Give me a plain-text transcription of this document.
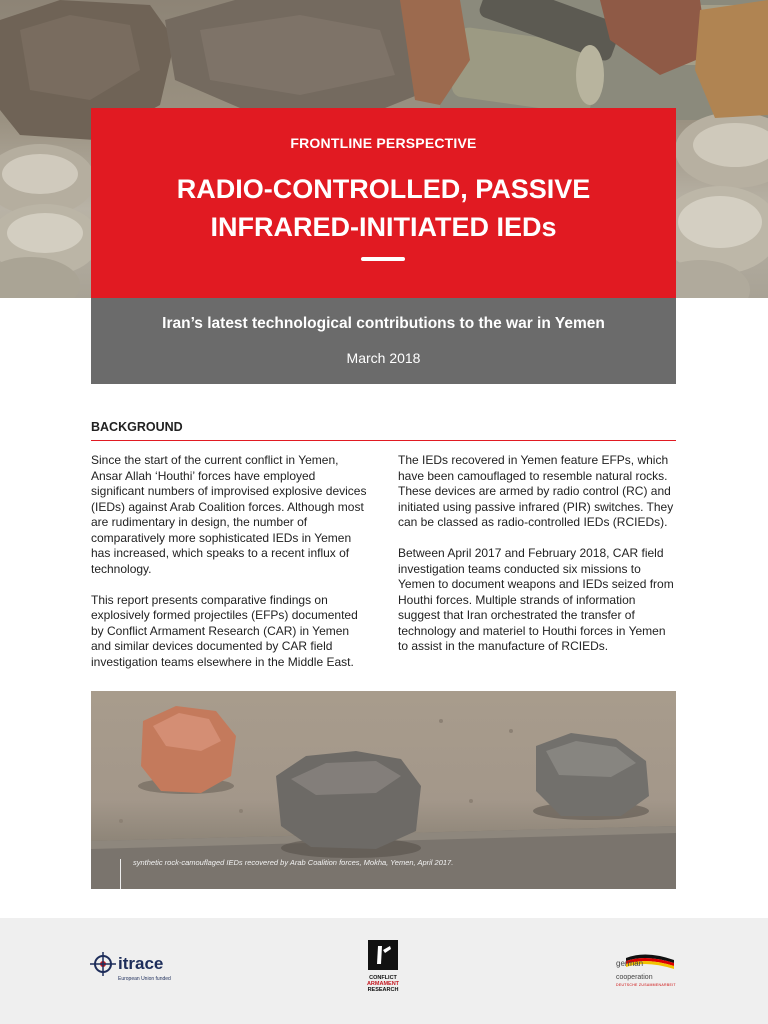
FRONTLINE PERSPECTIVE
RADIO-CONTROLLED, PASSIVE
INFRARED-INITIATED IEDs
Iran’s latest technological contributions to the war in Yemen
March 2018
BACKGROUND

Since the start of the current conflict in Yemen, Ansar Allah ‘Houthi’ forces have employed significant numbers of improvised explosive devices (IEDs) against Arab Coalition forces. Although most are rudimentary in design, the number of comparatively more sophisticated IEDs in Yemen has increased, which speaks to a recent influx of technology.

This report presents comparative findings on explosively formed projectiles (EFPs) documented by Conflict Armament Research (CAR) in Yemen and similar devices documented by CAR field investigation teams elsewhere in the Middle East.

The IEDs recovered in Yemen feature EFPs, which have been camouflaged to resemble natural rocks. These devices are armed by radio control (RC) and initiated using passive infrared (PIR) switches. They can be classed as radio-controlled IEDs (RCIEDs).

Between April 2017 and February 2018, CAR field investigation teams conducted six missions to Yemen to document weapons and IEDs seized from Houthi forces. Multiple strands of information suggest that Iran orchestrated the transfer of technology and materiel to Houthi forces in Yemen to assist in the manufacture of RCIEDs.

synthetic rock-camouflaged IEDs recovered by Arab Coalition forces, Mokha, Yemen, April 2017.
itrace
European Union funded	CONFLICT
ARMAMENT
RESEARCH
german
cooperation
DEUTSCHE ZUSAMMENARBEIT
